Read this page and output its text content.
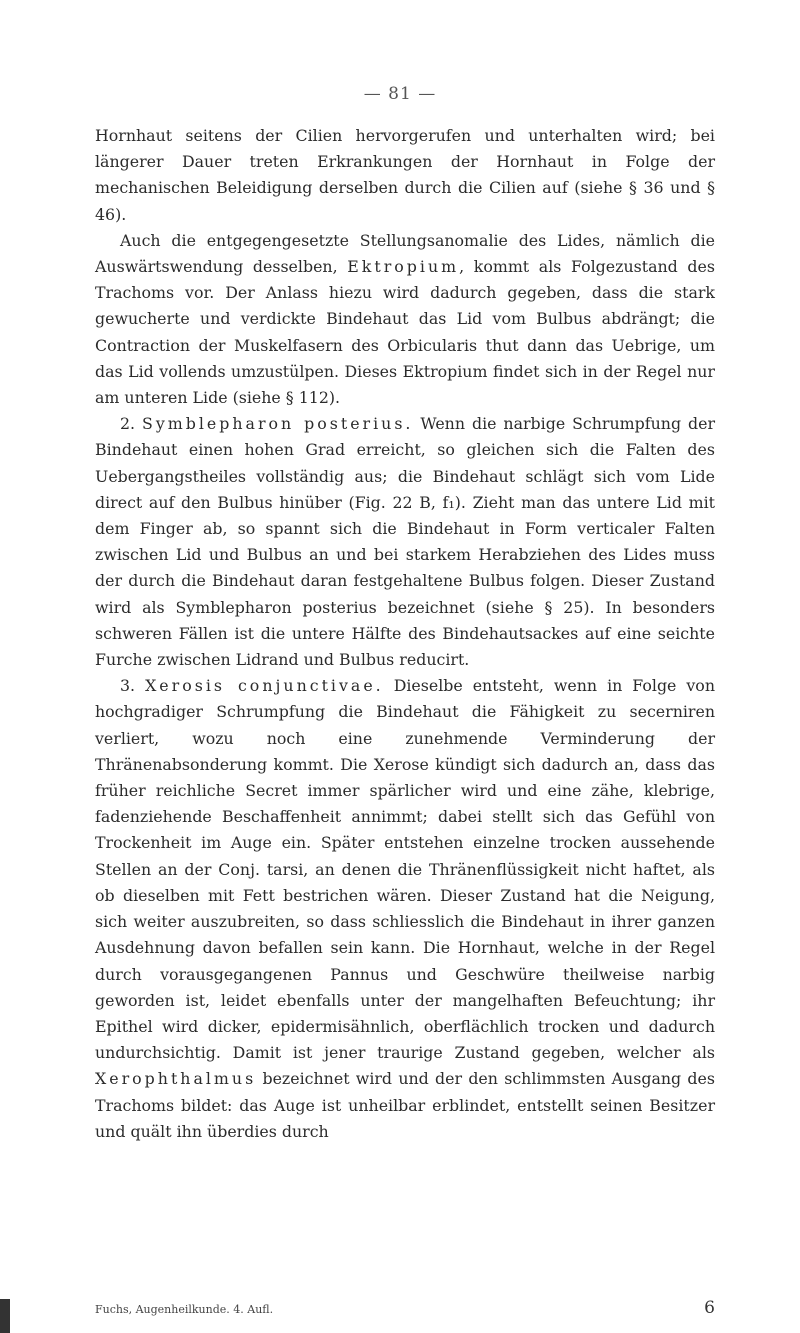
— 81 —

Hornhaut seitens der Cilien hervorgerufen und unterhalten wird; bei längerer Dauer treten Erkrankungen der Hornhaut in Folge der mechanischen Beleidigung derselben durch die Cilien auf (siehe § 36 und § 46).

Auch die entgegengesetzte Stellungsanomalie des Lides, nämlich die Auswärtswendung desselben, Ektropium, kommt als Folgezustand des Trachoms vor. Der Anlass hiezu wird dadurch gegeben, dass die stark gewucherte und verdickte Bindehaut das Lid vom Bulbus abdrängt; die Contraction der Muskelfasern des Orbicularis thut dann das Uebrige, um das Lid vollends umzustülpen. Dieses Ektropium findet sich in der Regel nur am unteren Lide (siehe § 112).

2. Symblepharon posterius. Wenn die narbige Schrumpfung der Bindehaut einen hohen Grad erreicht, so gleichen sich die Falten des Uebergangstheiles vollständig aus; die Bindehaut schlägt sich vom Lide direct auf den Bulbus hinüber (Fig. 22 B, f₁). Zieht man das untere Lid mit dem Finger ab, so spannt sich die Bindehaut in Form verticaler Falten zwischen Lid und Bulbus an und bei starkem Herabziehen des Lides muss der durch die Bindehaut daran festgehaltene Bulbus folgen. Dieser Zustand wird als Symblepharon posterius bezeichnet (siehe § 25). In besonders schweren Fällen ist die untere Hälfte des Bindehautsackes auf eine seichte Furche zwischen Lidrand und Bulbus reducirt.

3. Xerosis conjunctivae. Dieselbe entsteht, wenn in Folge von hochgradiger Schrumpfung die Bindehaut die Fähigkeit zu secerniren verliert, wozu noch eine zunehmende Verminderung der Thränenabsonderung kommt. Die Xerose kündigt sich dadurch an, dass das früher reichliche Secret immer spärlicher wird und eine zähe, klebrige, fadenziehende Beschaffenheit annimmt; dabei stellt sich das Gefühl von Trockenheit im Auge ein. Später entstehen einzelne trocken aussehende Stellen an der Conj. tarsi, an denen die Thränenflüssigkeit nicht haftet, als ob dieselben mit Fett bestrichen wären. Dieser Zustand hat die Neigung, sich weiter auszubreiten, so dass schliesslich die Bindehaut in ihrer ganzen Ausdehnung davon befallen sein kann. Die Hornhaut, welche in der Regel durch vorausgegangenen Pannus und Geschwüre theilweise narbig geworden ist, leidet ebenfalls unter der mangelhaften Befeuchtung; ihr Epithel wird dicker, epidermisähnlich, oberflächlich trocken und dadurch undurchsichtig. Damit ist jener traurige Zustand gegeben, welcher als Xerophthalmus bezeichnet wird und der den schlimmsten Ausgang des Trachoms bildet: das Auge ist unheilbar erblindet, entstellt seinen Besitzer und quält ihn überdies durch

Fuchs, Augenheilkunde. 4. Aufl.	6
